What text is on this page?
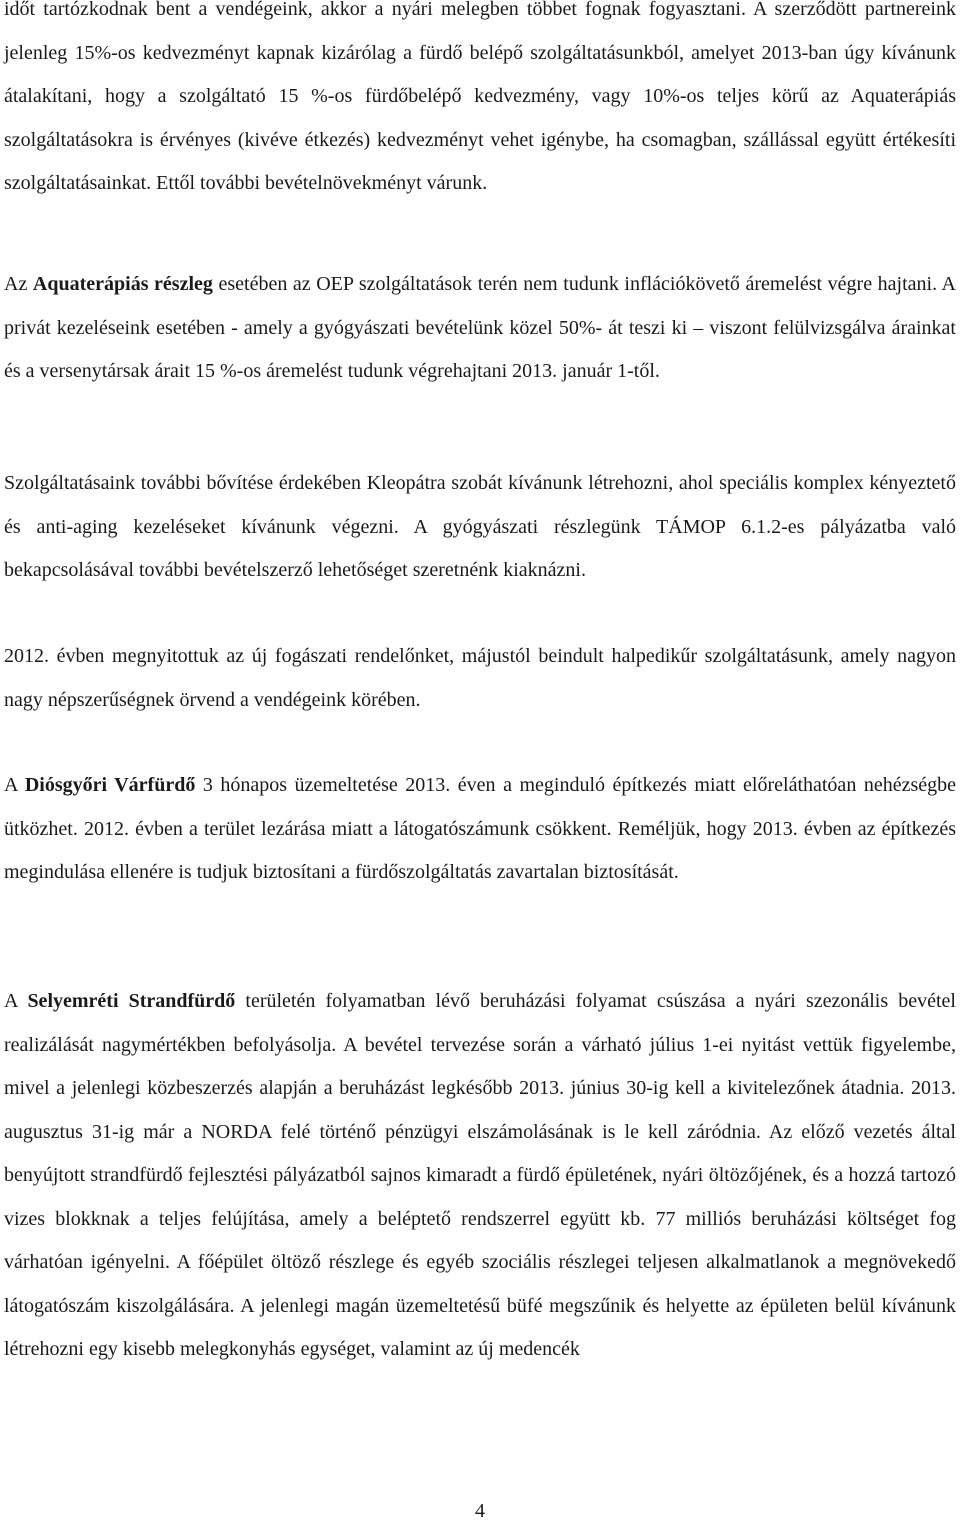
időt tartózkodnak bent a vendégeink, akkor a nyári melegben többet fognak fogyasztani. A szerződött partnereink jelenleg 15%-os kedvezményt kapnak kizárólag a fürdő belépő szolgáltatásunkból, amelyet 2013-ban úgy kívánunk átalakítani, hogy a szolgáltató 15 %-os fürdőbelépő kedvezmény, vagy 10%-os teljes körű az Aquaterápiás szolgáltatásokra is érvényes (kivéve étkezés) kedvezményt vehet igénybe, ha csomagban, szállással együtt értékesíti szolgáltatásainkat. Ettől további bevételnövekményt várunk.

Az Aquaterápiás részleg esetében az OEP szolgáltatások terén nem tudunk inflációkövető áremelést végre hajtani. A privát kezeléseink esetében - amely a gyógyászati bevételünk közel 50%- át teszi ki – viszont felülvizsgálva árainkat és a versenytársak árait 15 %-os áremelést tudunk végrehajtani 2013. január 1-től.

Szolgáltatásaink további bővítése érdekében Kleopátra szobát kívánunk létrehozni, ahol speciális komplex kényeztető és anti-aging kezeléseket kívánunk végezni. A gyógyászati részlegünk TÁMOP 6.1.2-es pályázatba való bekapcsolásával további bevételszerző lehetőséget szeretnénk kiaknázni.

2012. évben megnyitottuk az új fogászati rendelőnket, májustól beindult halpedikűr szolgáltatásunk, amely nagyon nagy népszerűségnek örvend a vendégeink körében.

A Diósgyőri Várfürdő 3 hónapos üzemeltetése 2013. éven a meginduló építkezés miatt előreláthatóan nehézségbe ütközhet. 2012. évben a terület lezárása miatt a látogatószámunk csökkent. Reméljük, hogy 2013. évben az építkezés megindulása ellenére is tudjuk biztosítani a fürdőszolgáltatás zavartalan biztosítását.

A Selyemréti Strandfürdő területén folyamatban lévő beruházási folyamat csúszása a nyári szezonális bevétel realizálását nagymértékben befolyásolja. A bevétel tervezése során a várható július 1-ei nyitást vettük figyelembe, mivel a jelenlegi közbeszerzés alapján a beruházást legkésőbb 2013. június 30-ig kell a kivitelezőnek átadnia. 2013. augusztus 31-ig már a NORDA felé történő pénzügyi elszámolásának is le kell záródnia. Az előző vezetés által benyújtott strandfürdő fejlesztési pályázatból sajnos kimaradt a fürdő épületének, nyári öltözőjének, és a hozzá tartozó vizes blokknak a teljes felújítása, amely a beléptető rendszerrel együtt kb. 77 milliós beruházási költséget fog várhatóan igényelni. A főépület öltöző részlege és egyéb szociális részlegei teljesen alkalmatlanok a megnövekedő látogatószám kiszolgálására. A jelenlegi magán üzemeltetésű büfé megszűnik és helyette az épületen belül kívánunk létrehozni egy kisebb melegkonyhás egységet, valamint az új medencék

4
